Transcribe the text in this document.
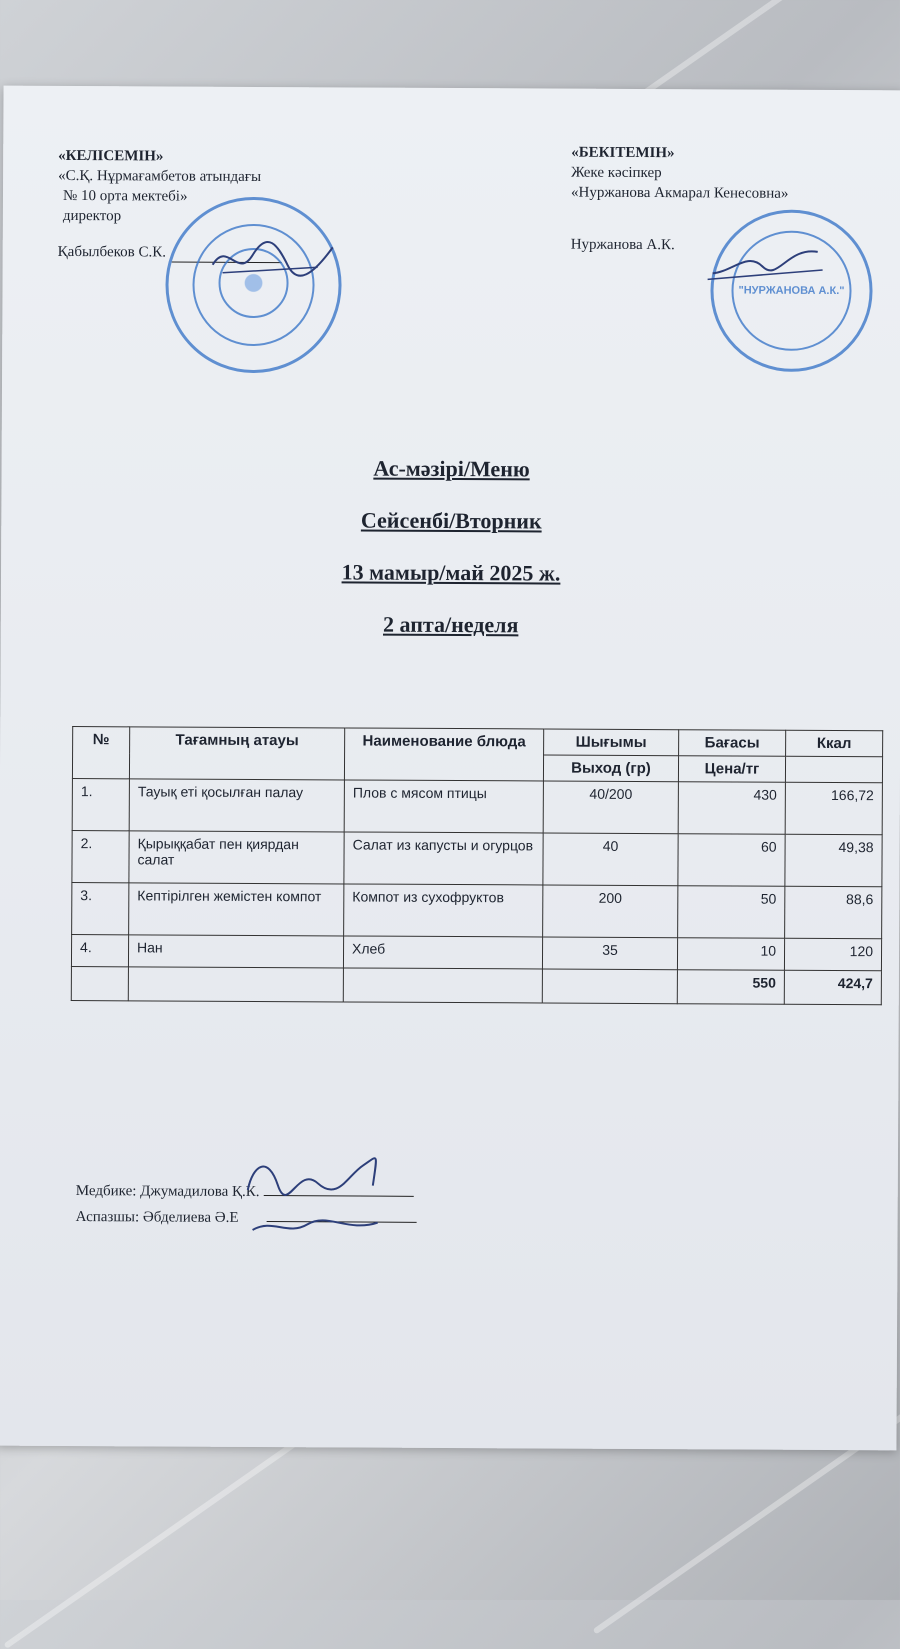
«КЕЛІСЕМІН»
«С.Қ. Нұрмағамбетов атындағы
№ 10 орта мектебі»
директор
Қабылбеков С.К.
«БЕКІТЕМІН»
Жеке кәсіпкер
«Нуржанова Акмарал Кенесовна»
Нуржанова А.К.
"НУРЖАНОВА А.К."
Ас-мәзірі/Меню
Сейсенбі/Вторник
13 мамыр/май 2025 ж.
2 апта/неделя
№	Тағамның атауы	Наименование блюда	Шығымы	Бағасы	Ккал
			Выход (гр)	Цена/тг	
1.	Тауық еті қосылған палау	Плов с мясом птицы	40/200	430	166,72
2.	Қырыққабат пен қиярдан салат	Салат из капусты и огурцов	40	60	49,38
3.	Кептірілген жемістен компот	Компот из сухофруктов	200	50	88,6
4.	Нан	Хлеб	35	10	120
				550	424,7
Медбике: Джумадилова Қ.К.
Аспазшы: Әбделиева Ә.Е
